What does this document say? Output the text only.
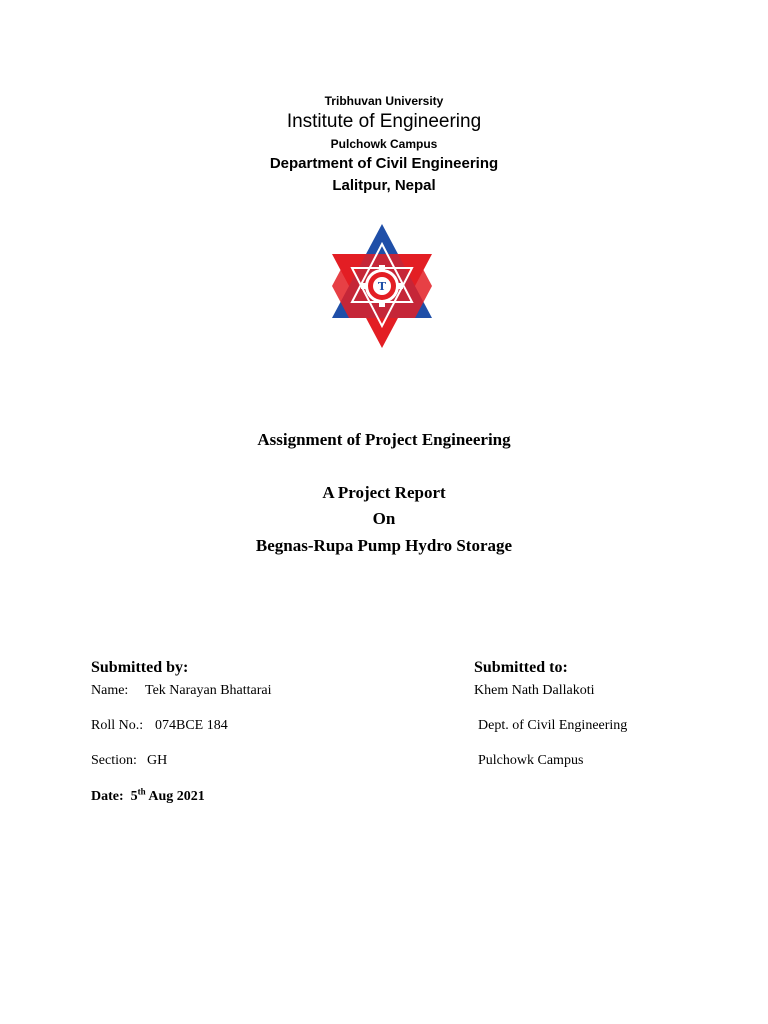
Tribhuvan University
Institute of Engineering
Pulchowk Campus
Department of Civil Engineering
Lalitpur, Nepal
T
Assignment of Project Engineering
A Project Report
On
Begnas-Rupa Pump Hydro Storage
Submitted by:
Name: Tek Narayan Bhattarai
Roll No.: 074BCE 184
Section: GH
Date: 5th Aug 2021
Submitted to:
Khem Nath Dallakoti
Dept. of Civil Engineering
Pulchowk Campus
